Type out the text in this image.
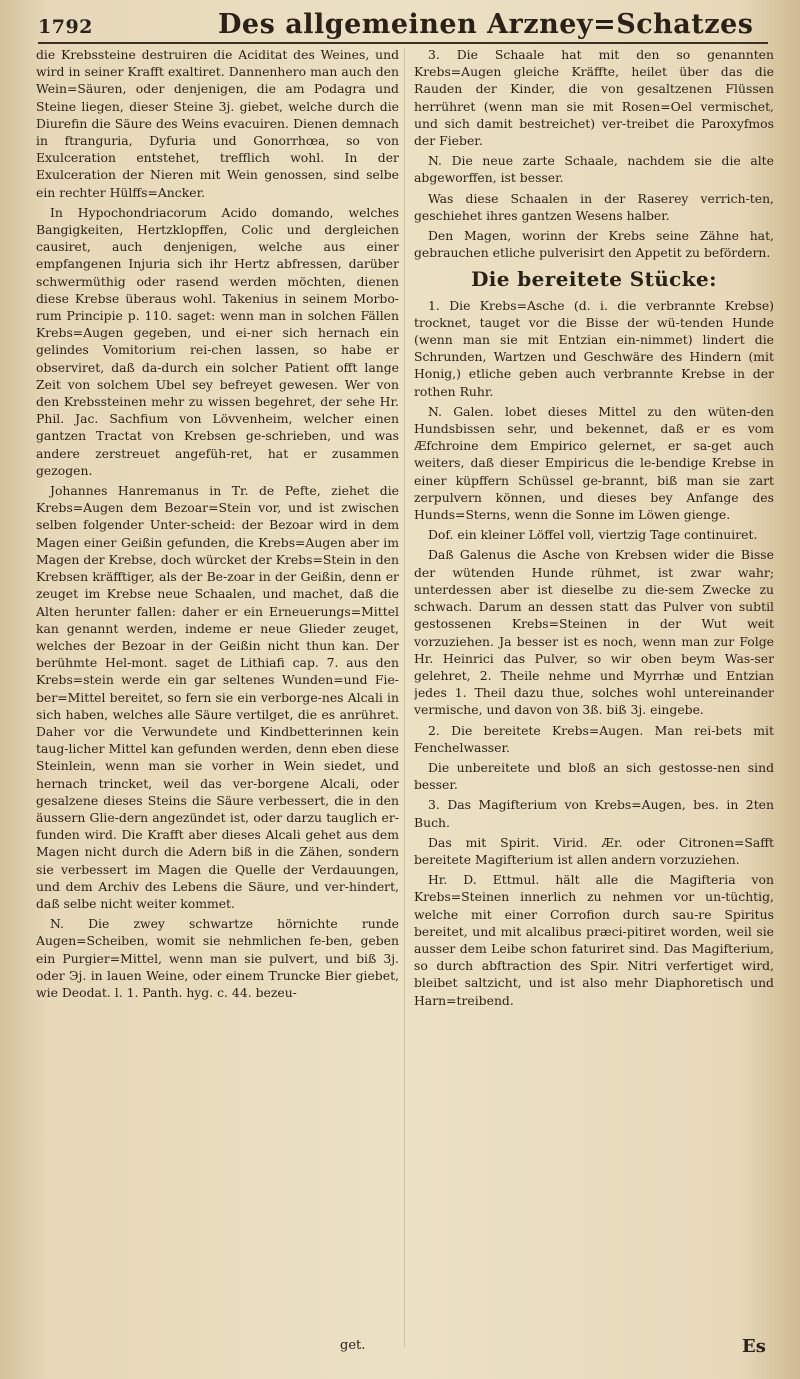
1792	Des allgemeinen Arzney=Schatzes

die Krebssteine destruiren die Aciditat des Weines, und wird in seiner Krafft exaltiret. Dannenhero man auch den Wein=Säuren, oder denjenigen, die am Podagra und Steine liegen, dieser Steine 3j. giebet, welche durch die Diurefin die Säure des Weins evacuiren. Dienen demnach in ftranguria, Dyfuria und Gonorrhœa, so von Exulceration entstehet, trefflich wohl. In der Exulceration der Nieren mit Wein genossen, sind selbe ein rechter Hülffs=Ancker.

In Hypochondriacorum Acido domando, welches Bangigkeiten, Hertzklopffen, Colic und dergleichen causiret, auch denjenigen, welche aus einer empfangenen Injuria sich ihr Hertz abfressen, darüber schwermüthig oder rasend werden möchten, dienen diese Krebse überaus wohl. Takenius in seinem Morbo-rum Principie p. 110. saget: wenn man in solchen Fällen Krebs=Augen gegeben, und ei-ner sich hernach ein gelindes Vomitorium rei-chen lassen, so habe er observiret, daß da-durch ein solcher Patient offt lange Zeit von solchem Ubel sey befreyet gewesen. Wer von den Krebssteinen mehr zu wissen begehret, der sehe Hr. Phil. Jac. Sachfium von Lövvenheim, welcher einen gantzen Tractat von Krebsen ge-schrieben, und was andere zerstreuet angefüh-ret, hat er zusammen gezogen.

Johannes Hanremanus in Tr. de Pefte, ziehet die Krebs=Augen dem Bezoar=Stein vor, und ist zwischen selben folgender Unter-scheid: der Bezoar wird in dem Magen einer Geißin gefunden, die Krebs=Augen aber im Magen der Krebse, doch würcket der Krebs=Stein in den Krebsen kräfftiger, als der Be-zoar in der Geißin, denn er zeuget im Krebse neue Schaalen, und machet, daß die Alten herunter fallen: daher er ein Erneuerungs=Mittel kan genannt werden, indeme er neue Glieder zeuget, welches der Bezoar in der Geißin nicht thun kan. Der berühmte Hel-mont. saget de Lithiafi cap. 7. aus den Krebs=stein werde ein gar seltenes Wunden=und Fie-ber=Mittel bereitet, so fern sie ein verborge-nes Alcali in sich haben, welches alle Säure vertilget, die es anrühret. Daher vor die Verwundete und Kindbetterinnen kein taug-licher Mittel kan gefunden werden, denn eben diese Steinlein, wenn man sie vorher in Wein siedet, und hernach trincket, weil das ver-borgene Alcali, oder gesalzene dieses Steins die Säure verbessert, die in den äussern Glie-dern angezündet ist, oder darzu tauglich er-funden wird. Die Krafft aber dieses Alcali gehet aus dem Magen nicht durch die Adern biß in die Zähen, sondern sie verbessert im Magen die Quelle der Verdauungen, und dem Archiv des Lebens die Säure, und ver-hindert, daß selbe nicht weiter kommet.

N. Die zwey schwartze hörnichte runde Augen=Scheiben, womit sie nehmlichen fe-ben, geben ein Purgier=Mittel, wenn man sie pulvert, und biß 3j. oder Эj. in lauen Weine, oder einem Truncke Bier giebet, wie Deodat. l. 1. Panth. hyg. c. 44. bezeu-

3. Die Schaale hat mit den so genannten Krebs=Augen gleiche Kräffte, heilet über das die Rauden der Kinder, die von gesaltzenen Flüssen herrühret (wenn man sie mit Rosen=Oel vermischet, und sich damit bestreichet) ver-treibet die Paroxyfmos der Fieber.

N. Die neue zarte Schaale, nachdem sie die alte abgeworffen, ist besser.

Was diese Schaalen in der Raserey verrich-ten, geschiehet ihres gantzen Wesens halber.

Den Magen, worinn der Krebs seine Zähne hat, gebrauchen etliche pulverisirt den Appetit zu befördern.

Die bereitete Stücke:

1. Die Krebs=Asche (d. i. die verbrannte Krebse) trocknet, tauget vor die Bisse der wü-tenden Hunde (wenn man sie mit Entzian ein-nimmet) lindert die Schrunden, Wartzen und Geschwäre des Hindern (mit Honig,) etliche geben auch verbrannte Krebse in der rothen Ruhr.

N. Galen. lobet dieses Mittel zu den wüten-den Hundsbissen sehr, und bekennet, daß er es vom Æfchroine dem Empirico gelernet, er sa-get auch weiters, daß dieser Empiricus die le-bendige Krebse in einer küpffern Schüssel ge-brannt, biß man sie zart zerpulvern können, und dieses bey Anfange des Hunds=Sterns, wenn die Sonne im Löwen gienge.

Dof. ein kleiner Löffel voll, viertzig Tage continuiret.

Daß Galenus die Asche von Krebsen wider die Bisse der wütenden Hunde rühmet, ist zwar wahr; unterdessen aber ist dieselbe zu die-sem Zwecke zu schwach. Darum an dessen statt das Pulver von subtil gestossenen Krebs=Steinen in der Wut weit vorzuziehen. Ja besser ist es noch, wenn man zur Folge Hr. Heinrici das Pulver, so wir oben beym Was-ser gelehret, 2. Theile nehme und Myrrhæ und Entzian jedes 1. Theil dazu thue, solches wohl untereinander vermische, und davon von 3ß. biß 3j. eingebe.

2. Die bereitete Krebs=Augen. Man rei-bets mit Fenchelwasser.

Die unbereitete und bloß an sich gestosse-nen sind besser.

3. Das Magifterium von Krebs=Augen, bes. in 2ten Buch.

Das mit Spirit. Virid. Ær. oder Citronen=Safft bereitete Magifterium ist allen andern vorzuziehen.

Hr. D. Ettmul. hält alle die Magifteria von Krebs=Steinen innerlich zu nehmen vor un-tüchtig, welche mit einer Corrofion durch sau-re Spiritus bereitet, und mit alcalibus præci-pitiret worden, weil sie ausser dem Leibe schon faturiret sind. Das Magifterium, so durch abftraction des Spir. Nitri verfertiget wird, bleibet saltzicht, und ist also mehr Diaphoretisch und Harn=treibend.

get.	Es
